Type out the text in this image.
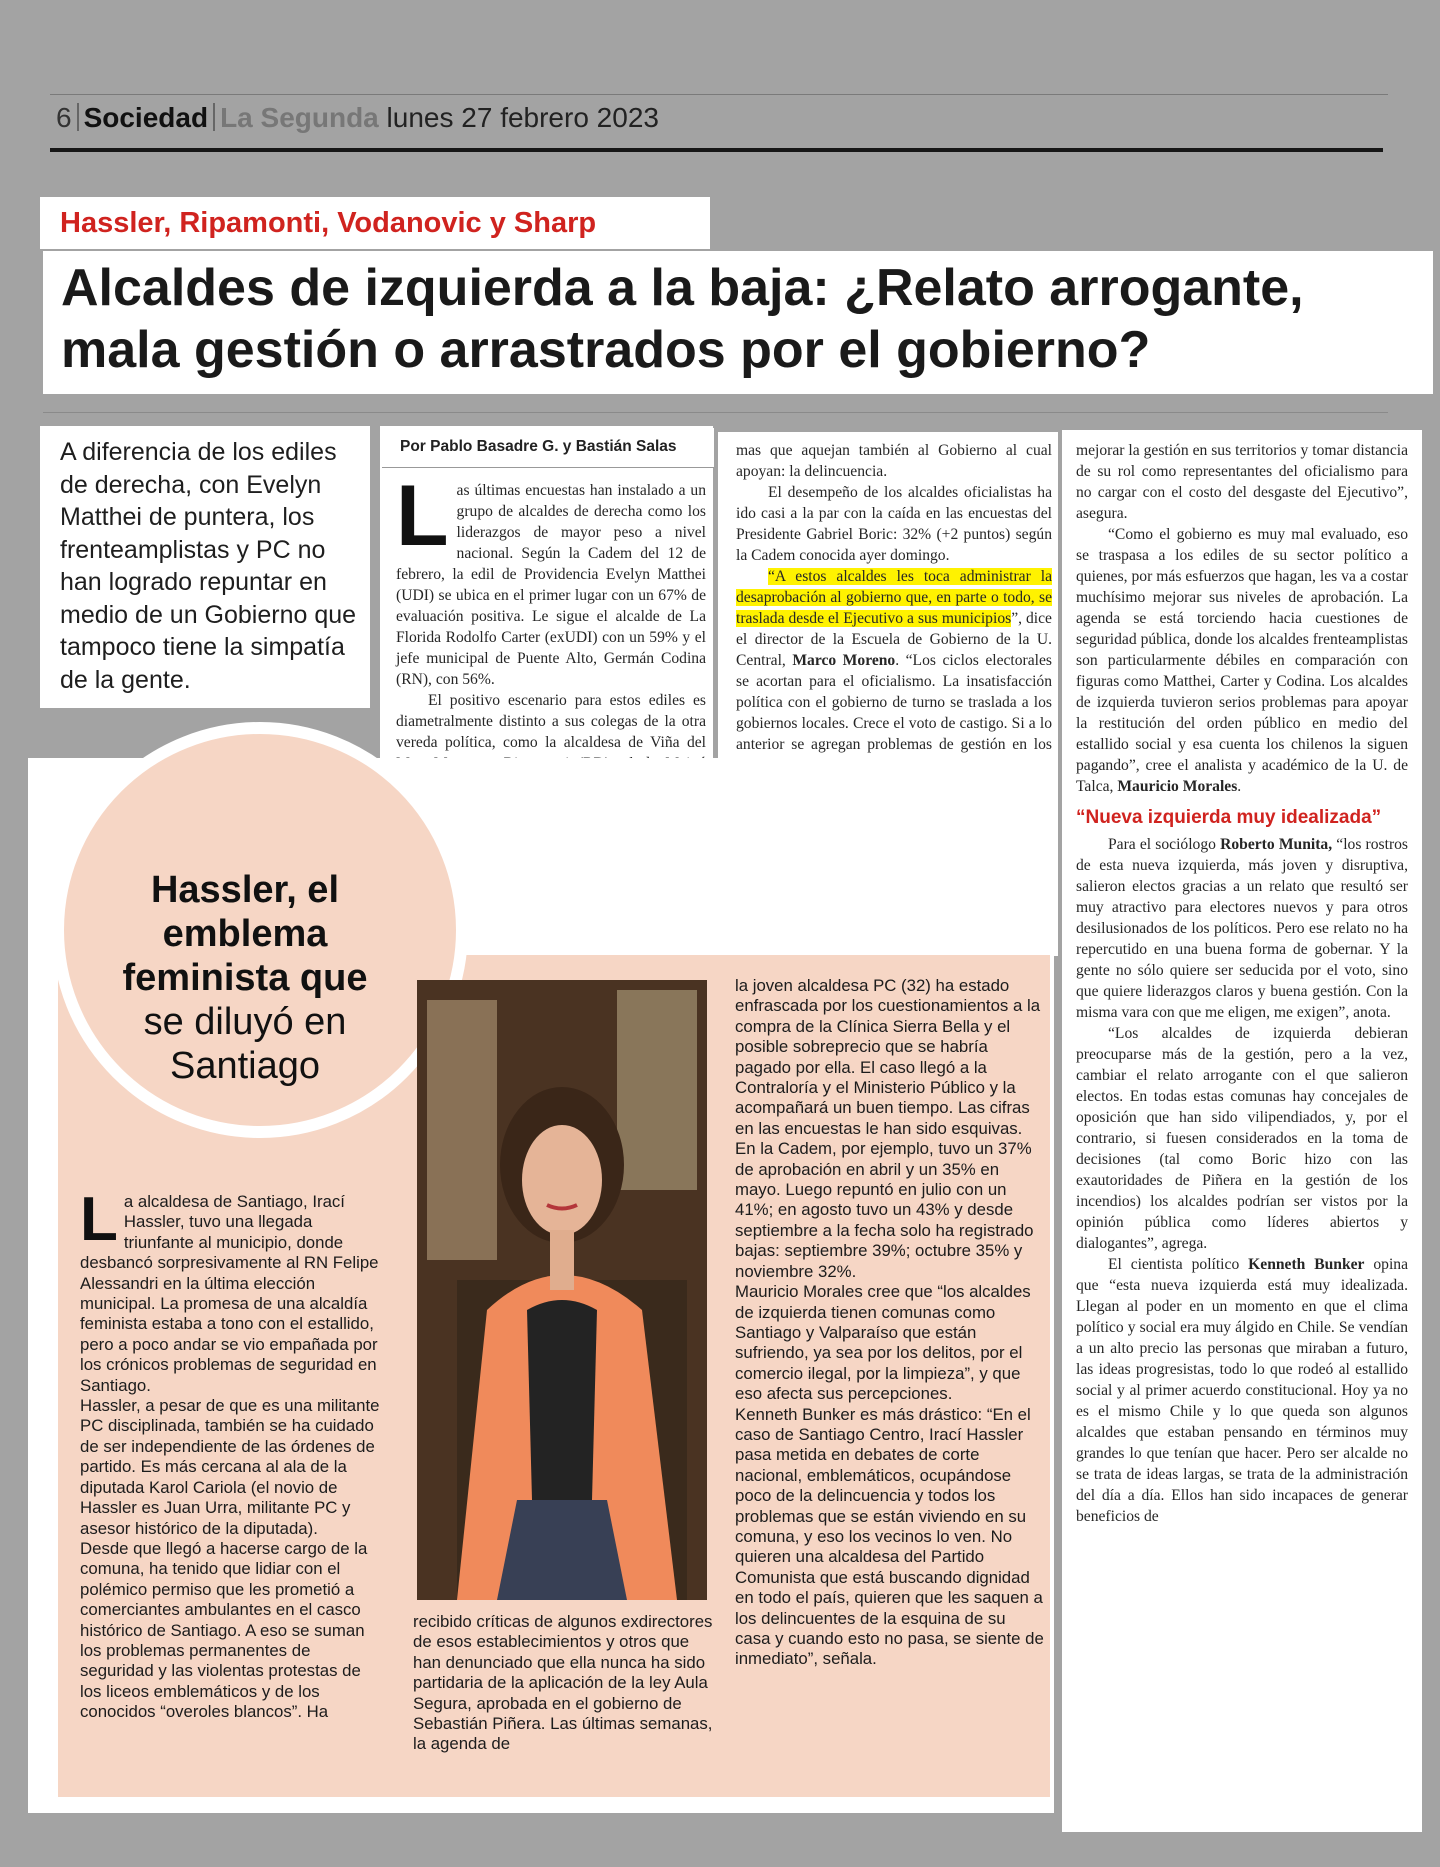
6 Sociedad La Segunda lunes 27 febrero 2023
Hassler, Ripamonti, Vodanovic y Sharp
Alcaldes de izquierda a la baja: ¿Relato arrogante,
mala gestión o arrastrados por el gobierno?
A diferencia de los ediles de derecha, con Evelyn Matthei de puntera, los frenteamplistas y PC no han logrado repuntar en medio de un Gobierno que tampoco tiene la simpatía de la gente.
Por Pablo Basadre G. y Bastián Salas

Las últimas encuestas han instalado a un grupo de alcaldes de derecha como los liderazgos de mayor peso a nivel nacional. Según la Cadem del 12 de febrero, la edil de Providencia Evelyn Matthei (UDI) se ubica en el primer lugar con un 67% de evaluación positiva. Le sigue el alcalde de La Florida Rodolfo Carter (exUDI) con un 59% y el jefe municipal de Puente Alto, Germán Codina (RN), con 56%.

El positivo escenario para estos ediles es diametralmente distinto a sus colegas de la otra vereda política, como la alcaldesa de Viña del

mas que aquejan también al Gobierno al cual apoyan: la delincuencia.

El desempeño de los alcaldes oficialistas ha ido casi a la par con la caída en las encuestas del Presidente Gabriel Boric: 32% (+2 puntos) según la Cadem conocida ayer domingo.

“A estos alcaldes les toca administrar la desaprobación al gobierno que, en parte o todo, se traslada desde el Ejecutivo a sus municipios”, dice el director de la Escuela de Gobierno de la U. Central, Marco Moreno. “Los ciclos electorales se acortan para el oficialismo. La insatisfacción política con el gobierno de turno se traslada a los gobiernos locales. Crece el voto de castigo. Si a lo anterior se agregan problemas de gestión en los

mejorar la gestión en sus territorios y tomar distancia de su rol como representantes del oficialismo para no cargar con el costo del desgaste del Ejecutivo”, asegura.

“Como el gobierno es muy mal evaluado, eso se traspasa a los ediles de su sector político a quienes, por más esfuerzos que hagan, les va a costar muchísimo mejorar sus niveles de aprobación. La agenda se está torciendo hacia cuestiones de seguridad pública, donde los alcaldes frenteamplistas son particularmente débiles en comparación con figuras como Matthei, Carter y Codina. Los alcaldes de izquierda tuvieron serios problemas para apoyar la restitución del orden público en medio del estallido social y esa cuenta los chilenos la siguen pagando”, cree el analista y académico de la U. de Talca, Mauricio Morales.

“Nueva izquierda muy idealizada”

Para el sociólogo Roberto Munita, “los rostros de esta nueva izquierda, más joven y disruptiva, salieron electos gracias a un relato que resultó ser muy atractivo para electores nuevos y para otros desilusionados de los políticos. Pero ese relato no ha repercutido en una buena forma de gobernar. Y la gente no sólo quiere ser seducida por el voto, sino que quiere liderazgos claros y buena gestión. Con la misma vara con que me eligen, me exigen”, anota.

“Los alcaldes de izquierda debieran preocuparse más de la gestión, pero a la vez, cambiar el relato arrogante con el que salieron electos. En todas estas comunas hay concejales de oposición que han sido vilipendiados, y, por el contrario, si fuesen considerados en la toma de decisiones (tal como Boric hizo con las exautoridades de Piñera en la gestión de los incendios) los alcaldes podrían ser vistos por la opinión pública como líderes abiertos y dialogantes”, agrega.

El cientista político Kenneth Bunker opina que “esta nueva izquierda está muy idealizada. Llegan al poder en un momento en que el clima político y social era muy álgido en Chile. Se vendían a un alto precio las personas que miraban a futuro, las ideas progresistas, todo lo que rodeó al estallido social y al primer acuerdo constitucional. Hoy ya no es el mismo Chile y lo que queda son algunos alcaldes que estaban pensando en términos muy grandes lo que tenían que hacer. Pero ser alcalde no se trata de ideas largas, se trata de la administración del día a día. Ellos han sido incapaces de generar beneficios de

Hassler, el emblema feminista que
se diluyó en Santiago

La alcaldesa de Santiago, Irací Hassler, tuvo una llegada triunfante al municipio, donde desbancó sorpresivamente al RN Felipe Alessandri en la última elección municipal. La promesa de una alcaldía feminista estaba a tono con el estallido, pero a poco andar se vio empañada por los crónicos problemas de seguridad en Santiago.

Hassler, a pesar de que es una militante PC disciplinada, también se ha cuidado de ser independiente de las órdenes de partido. Es más cercana al ala de la diputada Karol Cariola (el novio de Hassler es Juan Urra, militante PC y asesor histórico de la diputada).

Desde que llegó a hacerse cargo de la comuna, ha tenido que lidiar con el polémico permiso que les prometió a comerciantes ambulantes en el casco histórico de Santiago. A eso se suman los problemas permanentes de seguridad y las violentas protestas de los liceos emblemáticos y de los conocidos “overoles blancos”. Ha

recibido críticas de algunos exdirectores de esos establecimientos y otros que han denunciado que ella nunca ha sido partidaria de la aplicación de la ley Aula Segura, aprobada en el gobierno de Sebastián Piñera. Las últimas semanas, la agenda de

la joven alcaldesa PC (32) ha estado enfrascada por los cuestionamientos a la compra de la Clínica Sierra Bella y el posible sobreprecio que se habría pagado por ella. El caso llegó a la Contraloría y el Ministerio Público y la acompañará un buen tiempo. Las cifras en las encuestas le han sido esquivas. En la Cadem, por ejemplo, tuvo un 37% de aprobación en abril y un 35% en mayo. Luego repuntó en julio con un 41%; en agosto tuvo un 43% y desde septiembre a la fecha solo ha registrado bajas: septiembre 39%; octubre 35% y noviembre 32%.

Mauricio Morales cree que “los alcaldes de izquierda tienen comunas como Santiago y Valparaíso que están sufriendo, ya sea por los delitos, por el comercio ilegal, por la limpieza”, y que eso afecta sus percepciones.

Kenneth Bunker es más drástico: “En el caso de Santiago Centro, Irací Hassler pasa metida en debates de corte nacional, emblemáticos, ocupándose poco de la delincuencia y todos los problemas que se están viviendo en su comuna, y eso los vecinos lo ven. No quieren una alcaldesa del Partido Comunista que está buscando dignidad en todo el país, quieren que les saquen a los delincuentes de la esquina de su casa y cuando esto no pasa, se siente de inmediato”, señala.
